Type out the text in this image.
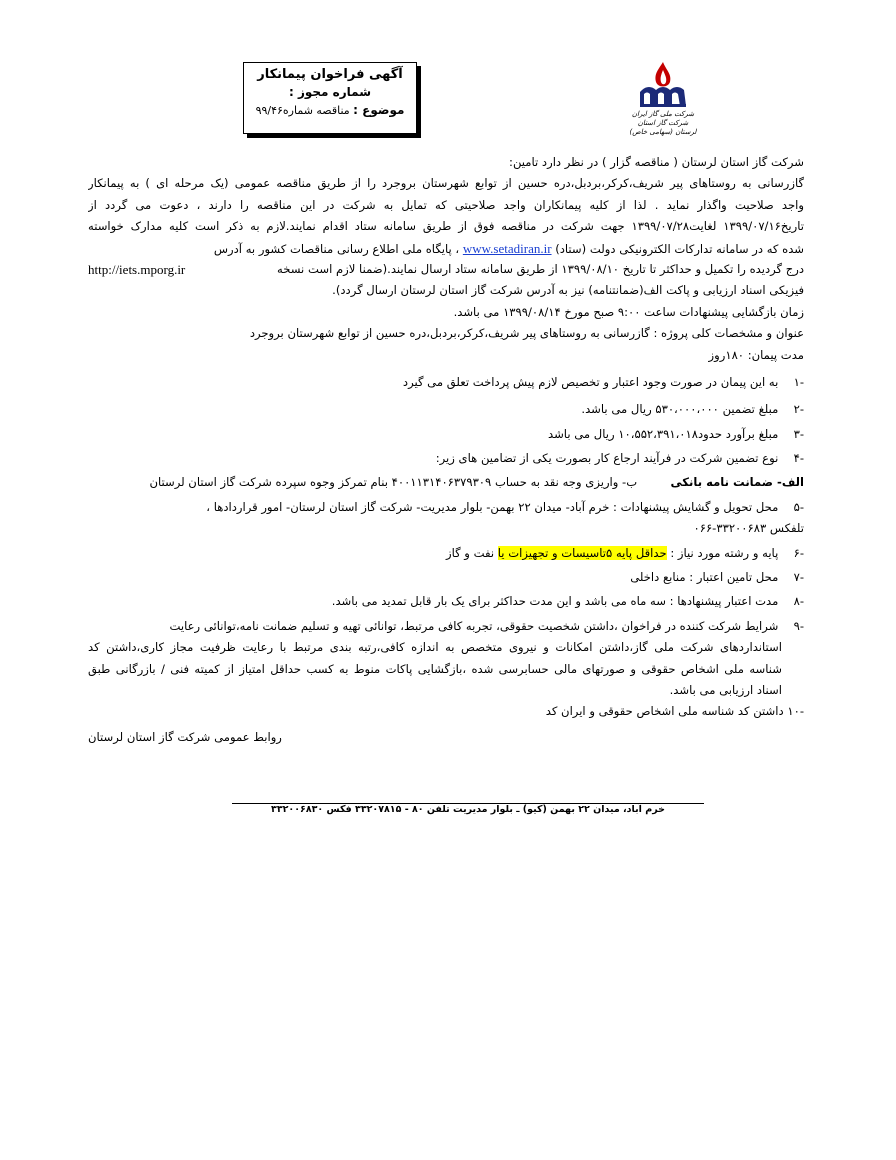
آگهی فراخوان پیمانکار
شماره مجوز :
موضوع : مناقصه شماره۹۹/۴۶	شرکت ملی گاز ایران
شرکت گاز استان لرستان (سهامی خاص)
شرکت گاز استان لرستان ( مناقصه گزار ) در نظر دارد تامین:
گازرسانی به روستاهای پیر شریف،کرکر،بردبل،دره حسین از توابع شهرستان بروجرد را از طریق مناقصه عمومی (یک مرحله ای ) به پیمانکار
واجد صلاحیت واگذار نماید . لذا از کلیه پیمانکاران واجد صلاحیتی که تمایل به شرکت در این مناقصه را دارند ، دعوت می گردد از
تاریخ۱۳۹۹/۰۷/۱۶ لغایت۱۳۹۹/۰۷/۲۸ جهت شرکت در مناقصه فوق از طریق سامانه ستاد اقدام نمایند.لازم به ذکر است کلیه مدارک خواسته
شده که در سامانه تدارکات الکترونیکی دولت (ستاد) www.setadiran.ir ، پایگاه ملی اطلاع رسانی مناقصات کشور به آدرس
درج گردیده را تکمیل و حداکثر تا تاریخ ۱۳۹۹/۰۸/۱۰ از طریق سامانه ستاد ارسال نمایند.(ضمنا لازم است نسخه
http://iets.mporg.ir
فیزیکی اسناد ارزیابی و پاکت الف(ضمانتنامه) نیز به آدرس شرکت گاز استان لرستان ارسال گردد).
زمان بازگشایی پیشنهادات ساعت ۹:۰۰ صبح مورخ ۱۳۹۹/۰۸/۱۴ می باشد.
عنوان و مشخصات کلی پروژه : گازرسانی به روستاهای پیر شریف،کرکر،بردبل،دره حسین از توابع شهرستان بروجرد
مدت پیمان: ۱۸۰روز
-۱ به این پیمان در صورت وجود اعتبار و تخصیص لازم پیش پرداخت تعلق می گیرد
-۲ مبلغ تضمین ۵۳۰،۰۰۰،۰۰۰ ریال می باشد.
-۳ مبلغ برآورد حدود۱۰،۵۵۲،۳۹۱،۰۱۸ ریال می باشد
-۴ نوع تضمین شرکت در فرآیند ارجاع کار بصورت یکی از تضامین های زیر:
الف- ضمانت نامه بانکی  ب- واریزی وجه نقد به حساب ۴۰۰۱۱۳۱۴۰۶۳۷۹۳۰۹ بنام تمرکز وجوه سپرده شرکت گاز استان لرستان
-۵ محل تحویل و گشایش پیشنهادات : خرم آباد- میدان ۲۲ بهمن- بلوار مدیریت- شرکت گاز استان لرستان- امور قراردادها ،
تلفکس ۳۳۲۰۰۶۸۳-۰۶۶
-۶ پایه و رشته مورد نیاز : حداقل پایه ۵تاسیسات و تجهیزات یا نفت و گاز
-۷ محل تامین اعتبار : منابع داخلی
-۸ مدت اعتبار پیشنهادها : سه ماه می باشد و این مدت حداکثر برای یک بار قابل تمدید می باشد.
-۹ شرایط شرکت کننده در فراخوان ،داشتن شخصیت حقوقی، تجربه کافی مرتبط، توانائی تهیه و تسلیم ضمانت نامه،توانائی رعایت
استانداردهای شرکت ملی گاز،داشتن امکانات و نیروی متخصص به اندازه کافی،رتبه بندی مرتبط با رعایت ظرفیت مجاز کاری،داشتن کد
شناسه ملی اشخاص حقوقی و صورتهای مالی حسابرسی شده ،بازگشایی پاکات منوط به کسب حداقل امتیاز از کمیته فنی / بازرگانی طبق
اسناد ارزیابی می باشد.
-۱۰ داشتن کد شناسه ملی اشخاص حقوقی و ایران کد
روابط عمومی شرکت گاز استان لرستان
خرم آباد، میدان ۲۲ بهمن (کیو) ـ بلوار مدیریت تلفن ۸۰ - ۳۳۲۰۷۸۱۵ فکس ۳۳۲۰۰۶۸۳۰
